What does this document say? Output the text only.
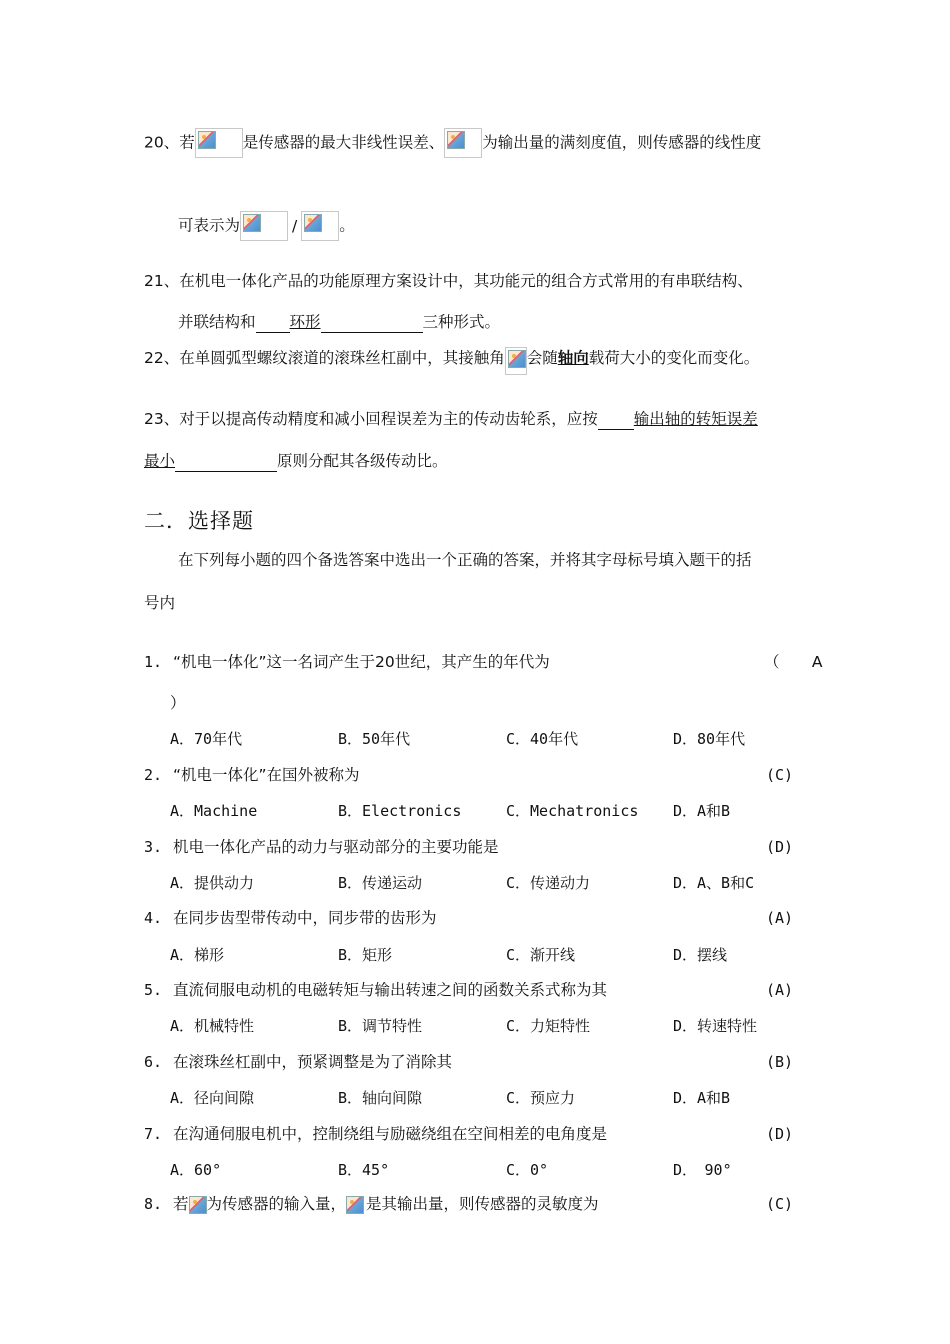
20、若	是传感器的最大非线性误差、 为输出量的满刻度值，则传感器的线性度
可表示为	/	。
21、在机电一体化产品的功能原理方案设计中，其功能元的组合方式常用的有串联结构、
并联结构和 环形	三种形式。
22、在单圆弧型螺纹滚道的滚珠丝杠副中，其接触角 会随轴向载荷大小的变化而变化。
23、对于以提高传动精度和减小回程误差为主的传动齿轮系，应按 输出轴的转矩误差
最小	原则分配其各级传动比。
二．选择题
在下列每小题的四个备选答案中选出一个正确的答案，并将其字母标号填入题干的括
号内
1. “机电一体化”这一名词产生于20世纪，其产生的年代为	（　 A
）
A．70年代	B．50年代	C．40年代	D．80年代
2. “机电一体化”在国外被称为	(C)
A．Machine	B．Electronics	C．Mechatronics D．A和B
3. 机电一体化产品的动力与驱动部分的主要功能是	(D)
A．提供动力	B．传递运动	C．传递动力	D．A、B和C
4. 在同步齿型带传动中，同步带的齿形为	(A)
A．梯形	B．矩形	C．渐开线	D．摆线
5. 直流伺服电动机的电磁转矩与输出转速之间的函数关系式称为其	(A)
A．机械特性	B．调节特性	C．力矩特性	D．转速特性
6. 在滚珠丝杠副中，预紧调整是为了消除其	(B)
A．径向间隙	B．轴向间隙	C．预应力	D．A和B
7. 在沟通伺服电机中，控制绕组与励磁绕组在空间相差的电角度是	(D)
A．60°	B．45°	C．0°	D．　90°
8. 若 为传感器的输入量， 是其输出量，则传感器的灵敏度为	(C)
